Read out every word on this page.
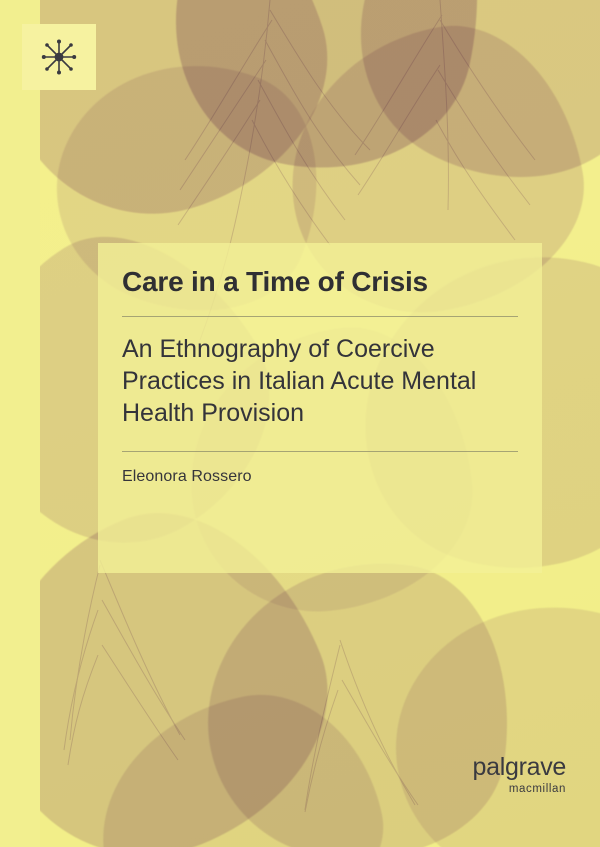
Care in a Time of Crisis
An Ethnography of Coercive Practices in Italian Acute Mental Health Provision

Eleonora Rossero

palgrave
macmillan
